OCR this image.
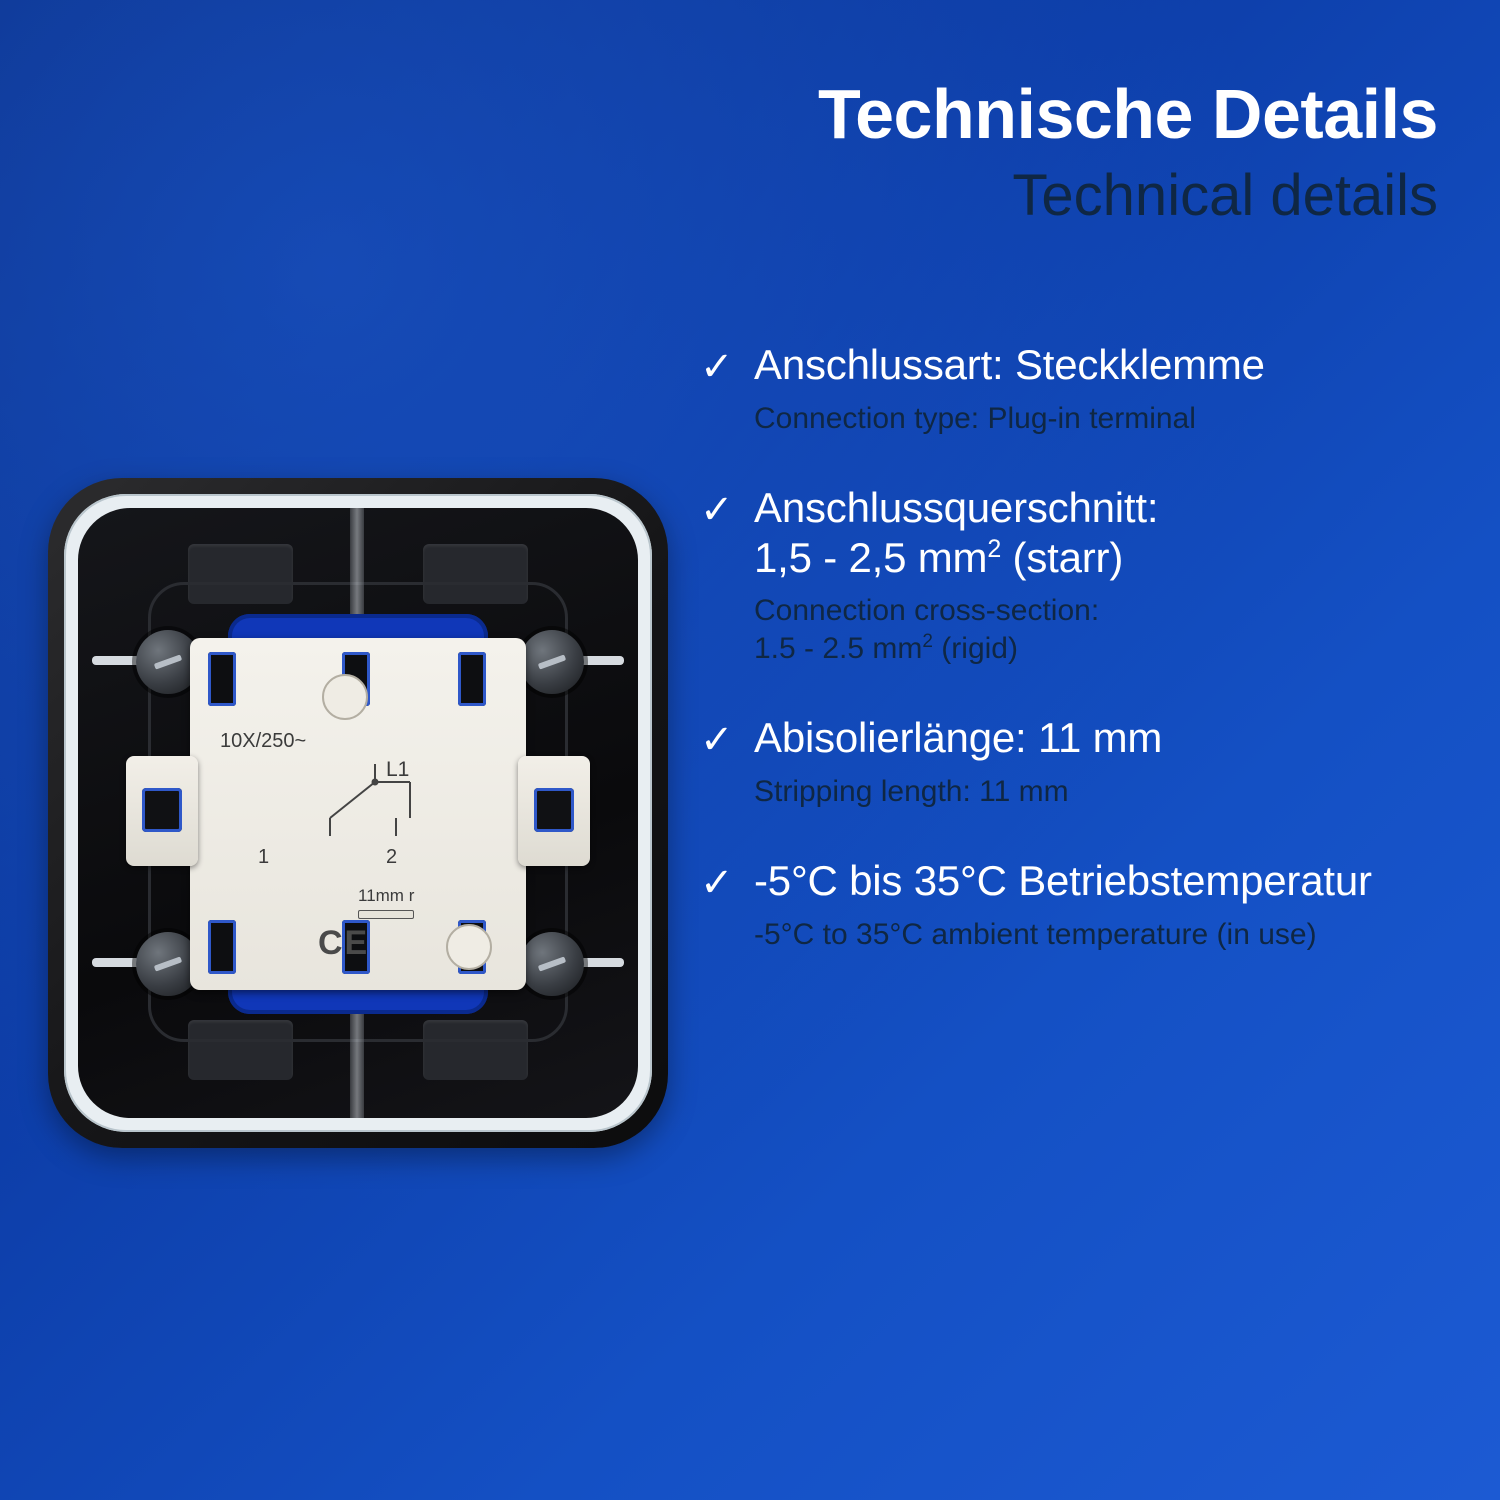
Technische Details
Technical details
✓ Anschlussart: Steckklemme
Connection type: Plug-in terminal
✓ Anschlussquerschnitt:
1,5 - 2,5 $mm^2$ (starr)
Connection cross-section:
1.5 - 2.5 $mm^2$ (rigid)
✓ Abisolierlänge: 11 mm
Stripping length: 11 mm
✓ -5°C bis 35°C Betriebstemperatur
-5°C to 35°C ambient temperature (in use)
10X/250~
L1
1	2
11mm r
CE
